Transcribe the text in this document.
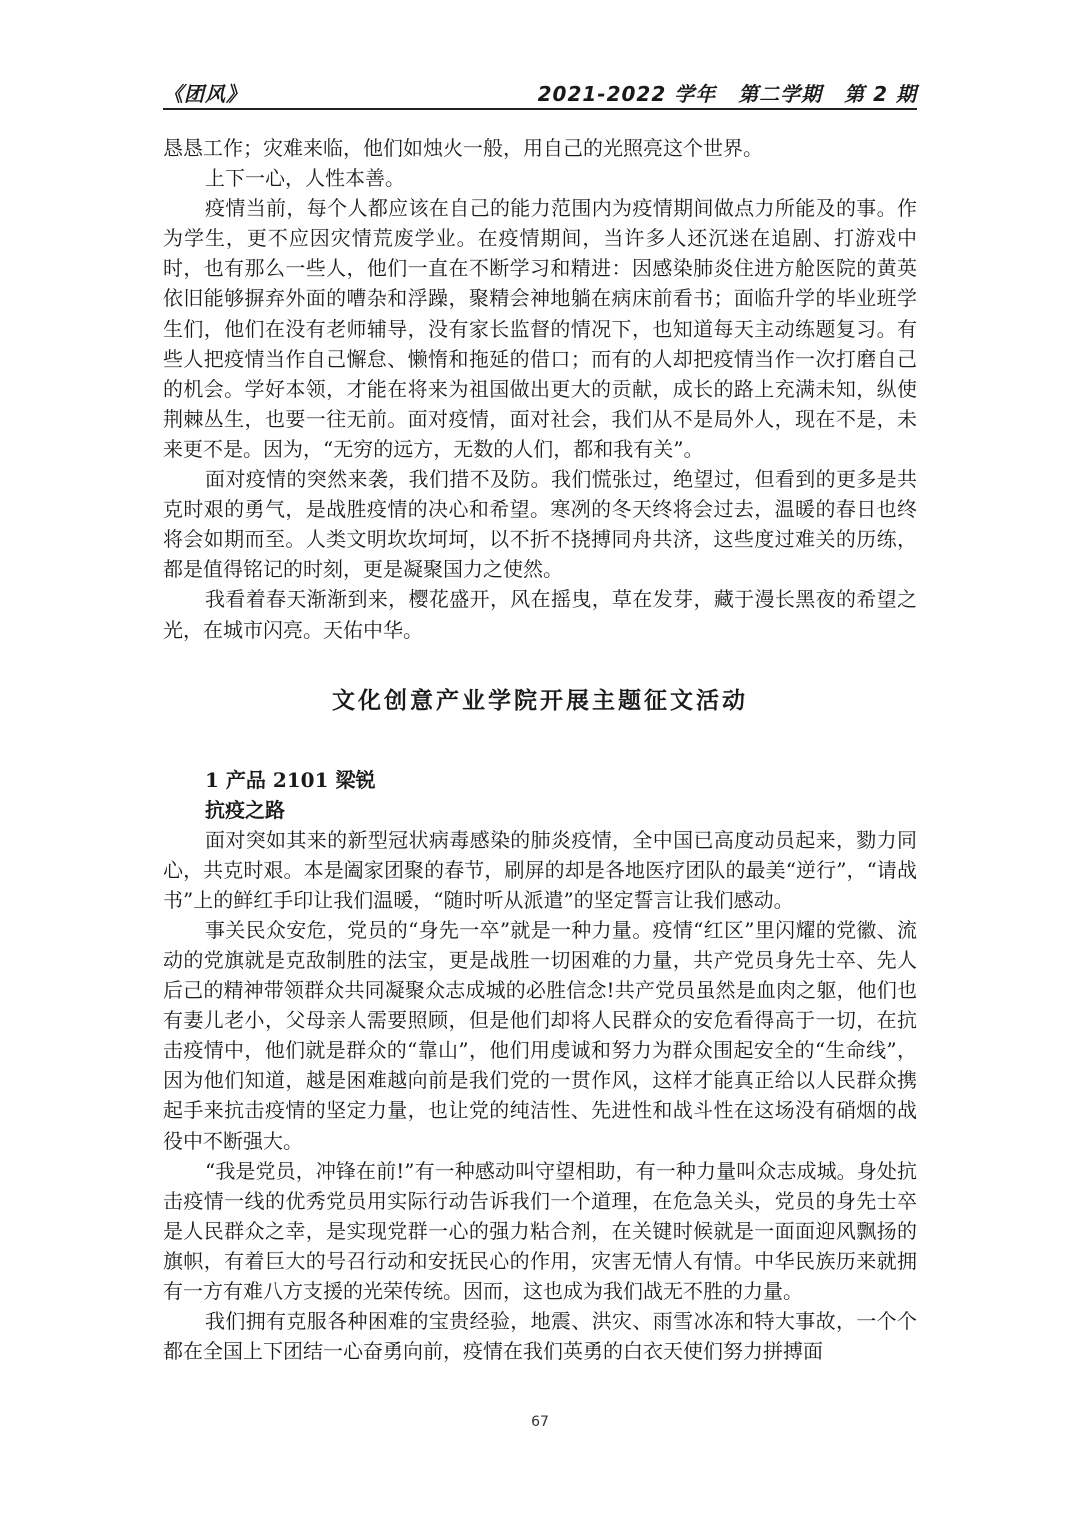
《团风》	2021-2022 学年 第二学期 第 2 期

恳恳工作；灾难来临，他们如烛火一般，用自己的光照亮这个世界。

上下一心，人性本善。

疫情当前，每个人都应该在自己的能力范围内为疫情期间做点力所能及的事。作为学生，更不应因灾情荒废学业。在疫情期间，当许多人还沉迷在追剧、打游戏中时，也有那么一些人，他们一直在不断学习和精进：因感染肺炎住进方舱医院的黄英依旧能够摒弃外面的嘈杂和浮躁，聚精会神地躺在病床前看书；面临升学的毕业班学生们，他们在没有老师辅导，没有家长监督的情况下，也知道每天主动练题复习。有些人把疫情当作自己懈怠、懒惰和拖延的借口；而有的人却把疫情当作一次打磨自己的机会。学好本领，才能在将来为祖国做出更大的贡献，成长的路上充满未知，纵使荆棘丛生，也要一往无前。面对疫情，面对社会，我们从不是局外人，现在不是，未来更不是。因为，“无穷的远方，无数的人们，都和我有关”。

面对疫情的突然来袭，我们措不及防。我们慌张过，绝望过，但看到的更多是共克时艰的勇气，是战胜疫情的决心和希望。寒冽的冬天终将会过去，温暖的春日也终将会如期而至。人类文明坎坎坷坷，以不折不挠搏同舟共济，这些度过难关的历练，都是值得铭记的时刻，更是凝聚国力之使然。

我看着春天渐渐到来，樱花盛开，风在摇曳，草在发芽，藏于漫长黑夜的希望之光，在城市闪亮。天佑中华。

文化创意产业学院开展主题征文活动

1 产品 2101 梁锐

抗疫之路

面对突如其来的新型冠状病毒感染的肺炎疫情，全中国已高度动员起来，勠力同心，共克时艰。本是阖家团聚的春节，刷屏的却是各地医疗团队的最美“逆行”，“请战书”上的鲜红手印让我们温暖，“随时听从派遣”的坚定誓言让我们感动。

事关民众安危，党员的“身先一卒”就是一种力量。疫情“红区”里闪耀的党徽、流动的党旗就是克敌制胜的法宝，更是战胜一切困难的力量，共产党员身先士卒、先人后己的精神带领群众共同凝聚众志成城的必胜信念!共产党员虽然是血肉之躯，他们也有妻儿老小，父母亲人需要照顾，但是他们却将人民群众的安危看得高于一切，在抗击疫情中，他们就是群众的“靠山”，他们用虔诚和努力为群众围起安全的“生命线”，因为他们知道，越是困难越向前是我们党的一贯作风，这样才能真正给以人民群众携起手来抗击疫情的坚定力量，也让党的纯洁性、先进性和战斗性在这场没有硝烟的战役中不断强大。

“我是党员，冲锋在前!”有一种感动叫守望相助，有一种力量叫众志成城。身处抗击疫情一线的优秀党员用实际行动告诉我们一个道理，在危急关头，党员的身先士卒是人民群众之幸，是实现党群一心的强力粘合剂，在关键时候就是一面面迎风飘扬的旗帜，有着巨大的号召行动和安抚民心的作用，灾害无情人有情。中华民族历来就拥有一方有难八方支援的光荣传统。因而，这也成为我们战无不胜的力量。

我们拥有克服各种困难的宝贵经验，地震、洪灾、雨雪冰冻和特大事故，一个个都在全国上下团结一心奋勇向前，疫情在我们英勇的白衣天使们努力拼搏面

67
